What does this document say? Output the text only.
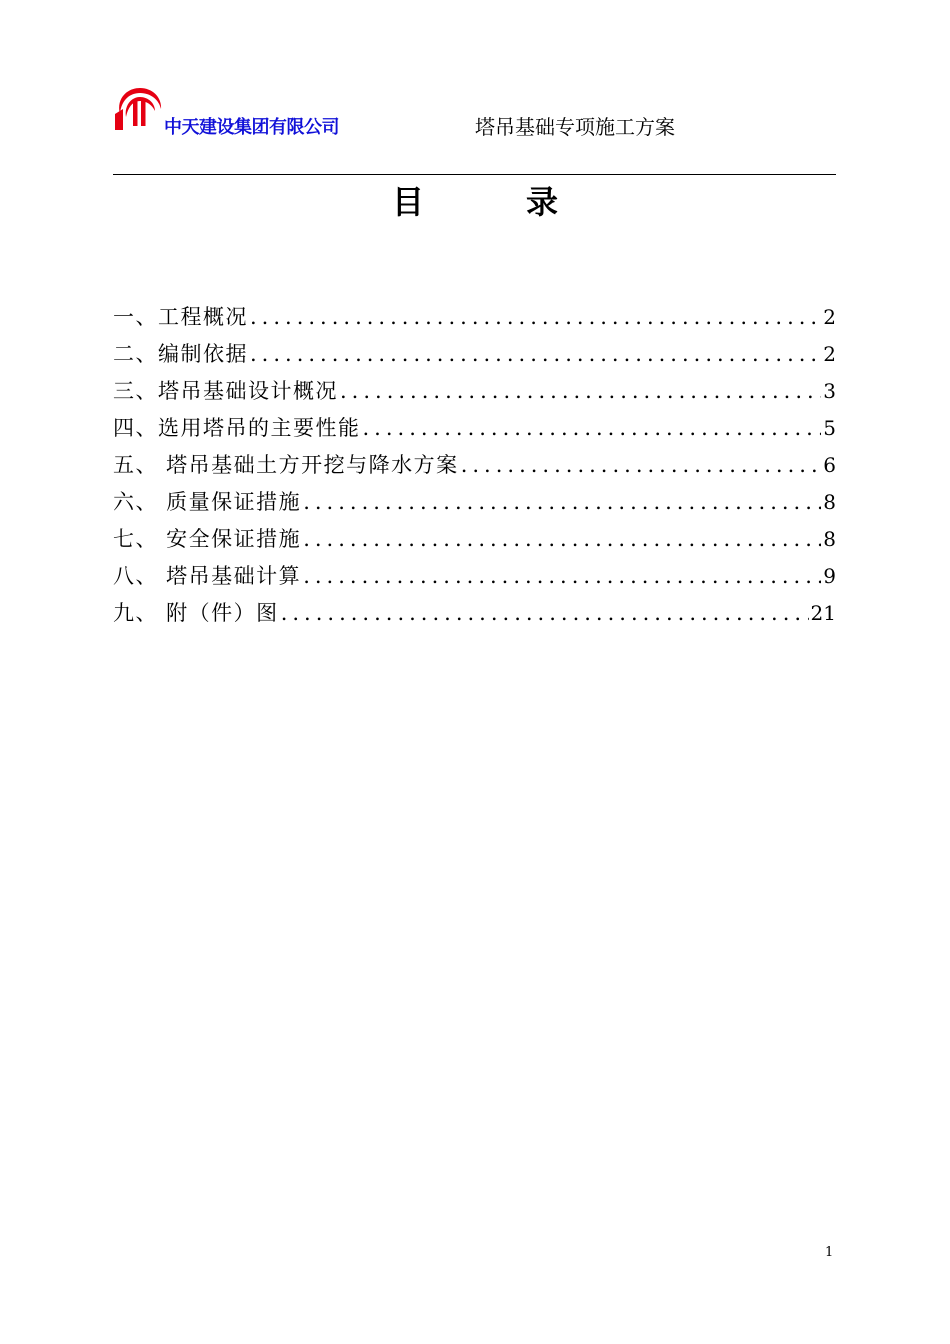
中天建设集团有限公司	塔吊基础专项施工方案
目	录
一、工程概况 .....	2
二、编制依据 .....	2
三、塔吊基础设计概况 .....	3
四、选用塔吊的主要性能 .....	5
五、 塔吊基础土方开挖与降水方案 .....	6
六、 质量保证措施 .....	8
七、 安全保证措施 .....	8
八、 塔吊基础计算 .....	9
九、 附（件）图 .....	21
1
